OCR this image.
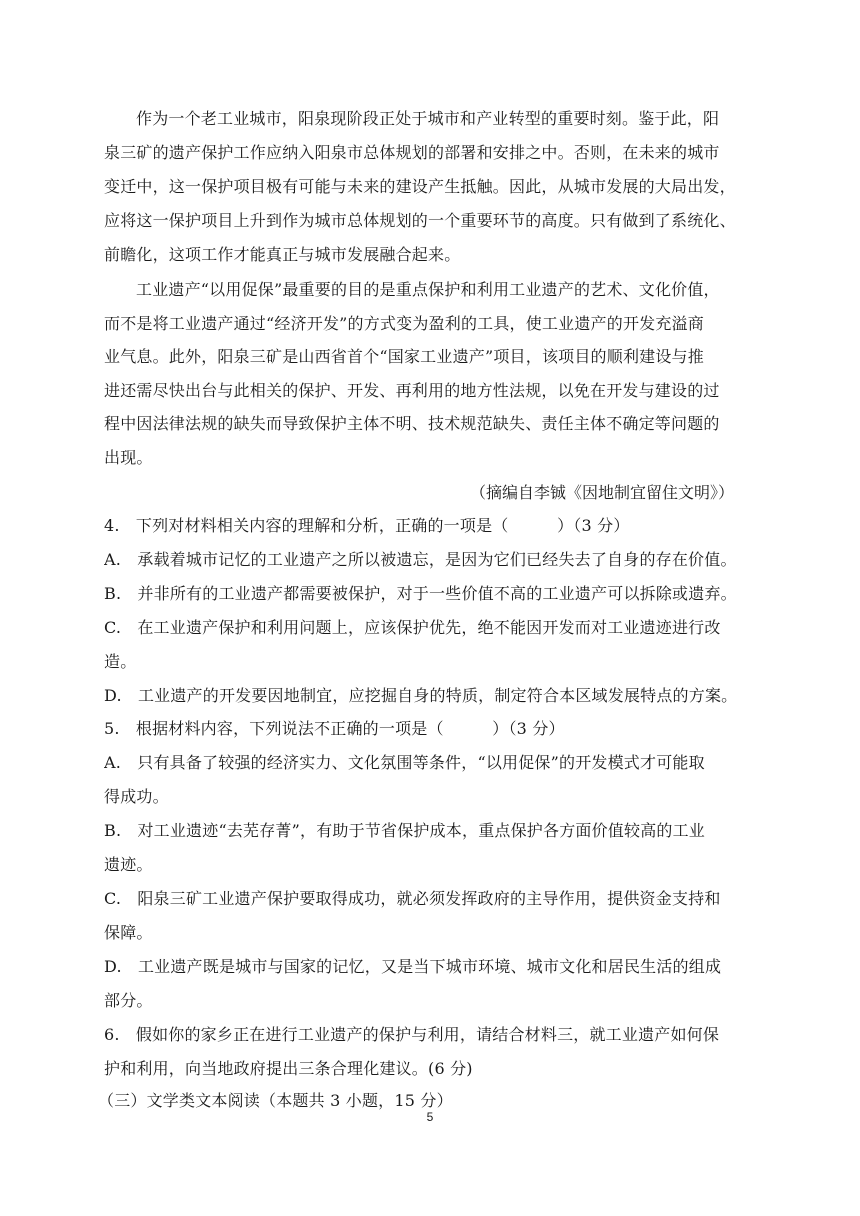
作为一个老工业城市，阳泉现阶段正处于城市和产业转型的重要时刻。鉴于此，阳
泉三矿的遗产保护工作应纳入阳泉市总体规划的部署和安排之中。否则，在未来的城市
变迁中，这一保护项目极有可能与未来的建设产生抵触。因此，从城市发展的大局出发，
应将这一保护项目上升到作为城市总体规划的一个重要环节的高度。只有做到了系统化、
前瞻化，这项工作才能真正与城市发展融合起来。
工业遗产“以用促保”最重要的目的是重点保护和利用工业遗产的艺术、文化价值，
而不是将工业遗产通过“经济开发”的方式变为盈利的工具，使工业遗产的开发充溢商
业气息。此外，阳泉三矿是山西省首个“国家工业遗产”项目，该项目的顺利建设与推
进还需尽快出台与此相关的保护、开发、再利用的地方性法规，以免在开发与建设的过
程中因法律法规的缺失而导致保护主体不明、技术规范缺失、责任主体不确定等问题的
出现。
（摘编自李铖《因地制宜留住文明》）
4.　下列对材料相关内容的理解和分析，正确的一项是（　　　）（3 分）
A.　承载着城市记忆的工业遗产之所以被遗忘，是因为它们已经失去了自身的存在价值。
B.　并非所有的工业遗产都需要被保护，对于一些价值不高的工业遗产可以拆除或遗弃。
C.　在工业遗产保护和利用问题上，应该保护优先，绝不能因开发而对工业遗迹进行改
造。
D.　工业遗产的开发要因地制宜，应挖掘自身的特质，制定符合本区域发展特点的方案。
5.　根据材料内容，下列说法不正确的一项是（　　　）（3 分）
A.　只有具备了较强的经济实力、文化氛围等条件，“以用促保”的开发模式才可能取
得成功。
B.　对工业遗迹“去芜存菁”，有助于节省保护成本，重点保护各方面价值较高的工业
遗迹。
C.　阳泉三矿工业遗产保护要取得成功，就必须发挥政府的主导作用，提供资金支持和
保障。
D.　工业遗产既是城市与国家的记忆，又是当下城市环境、城市文化和居民生活的组成
部分。
6.　假如你的家乡正在进行工业遗产的保护与利用，请结合材料三，就工业遗产如何保
护和利用，向当地政府提出三条合理化建议。(6 分)
（三）文学类文本阅读（本题共 3 小题，15 分）
5
